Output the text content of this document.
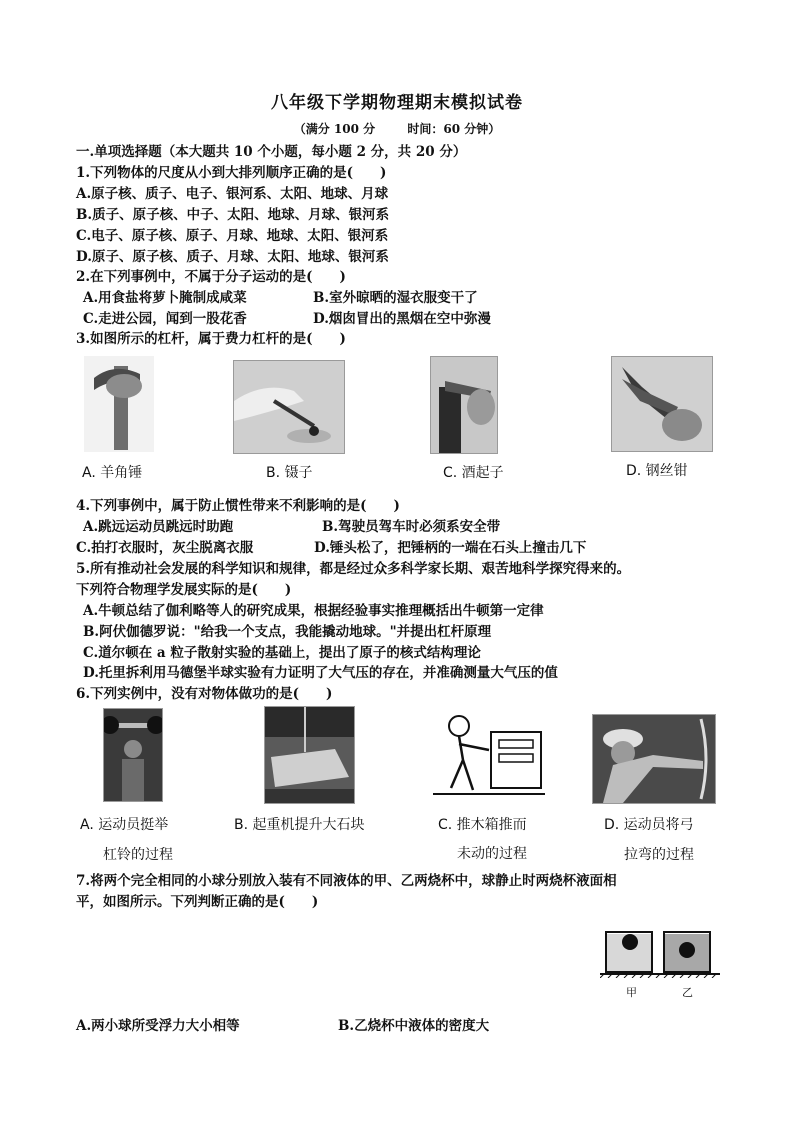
八年级下学期物理期末模拟试卷
（满分 100 分	时间：60 分钟）
一.单项选择题（本大题共 10 个小题，每小题 2 分，共 20 分）
1.下列物体的尺度从小到大排列顺序正确的是(　　)
A.原子核、质子、电子、银河系、太阳、地球、月球
B.质子、原子核、中子、太阳、地球、月球、银河系
C.电子、原子核、原子、月球、地球、太阳、银河系
D.原子、原子核、质子、月球、太阳、地球、银河系
2.在下列事例中，不属于分子运动的是(　　)
A.用食盐将萝卜腌制成咸菜	B.室外晾晒的湿衣服变干了
C.走进公园，闻到一股花香	D.烟囱冒出的黑烟在空中弥漫
3.如图所示的杠杆，属于费力杠杆的是(　　)
A. 羊角锤	B. 镊子	C. 酒起子	D. 钢丝钳
4.下列事例中，属于防止惯性带来不利影响的是(　　)
A.跳远运动员跳远时助跑	B.驾驶员驾车时必须系安全带
C.拍打衣服时，灰尘脱离衣服	D.锤头松了，把锤柄的一端在石头上撞击几下
5.所有推动社会发展的科学知识和规律，都是经过众多科学家长期、艰苦地科学探究得来的。
下列符合物理学发展实际的是(　　)
A.牛顿总结了伽利略等人的研究成果，根据经验事实推理概括出牛顿第一定律
B.阿伏伽德罗说："给我一个支点，我能撬动地球。"并提出杠杆原理
C.道尔顿在 a 粒子散射实验的基础上，提出了原子的核式结构理论
D.托里拆利用马德堡半球实验有力证明了大气压的存在，并准确测量大气压的值
6.下列实例中，没有对物体做功的是(　　)
A. 运动员挺举
杠铃的过程
B. 起重机提升大石块	C. 推木箱推而
未动的过程
D. 运动员将弓
拉弯的过程
7.将两个完全相同的小球分别放入装有不同液体的甲、乙两烧杯中，球静止时两烧杯液面相
平，如图所示。下列判断正确的是(　　)
甲	乙
A.两小球所受浮力大小相等	B.乙烧杯中液体的密度大
